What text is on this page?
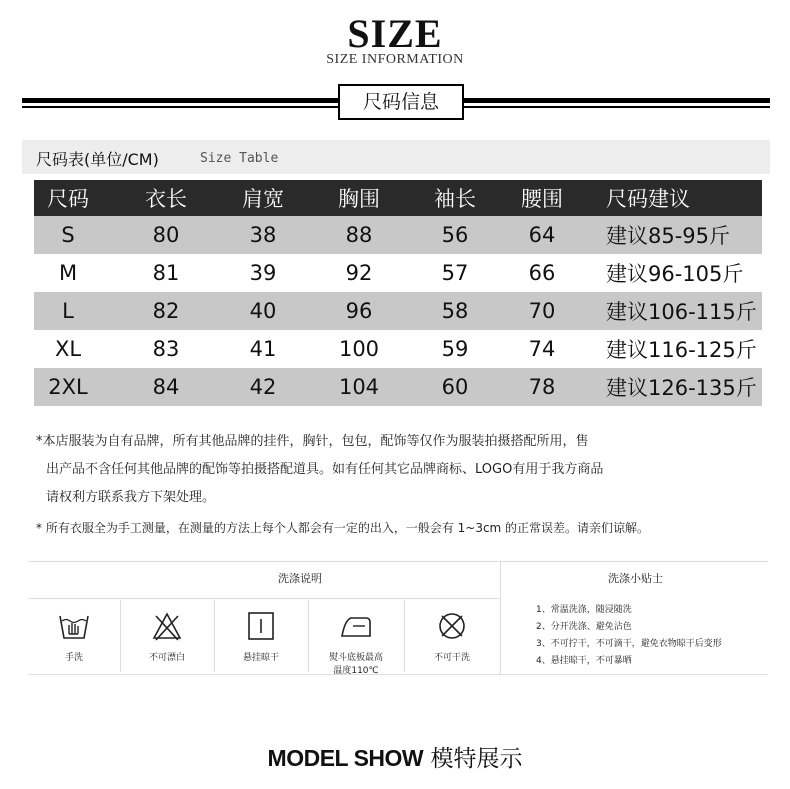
SIZE
SIZE INFORMATION
尺码信息
尺码表(单位/CM)	Size Table
尺码	衣长	肩宽	胸围	袖长	腰围	尺码建议
S	80	38	88	56	64	建议85-95斤
M	81	39	92	57	66	建议96-105斤
L	82	40	96	58	70	建议106-115斤
XL	83	41	100	59	74	建议116-125斤
2XL	84	42	104	60	78	建议126-135斤
*本店服装为自有品牌，所有其他品牌的挂件，胸针，包包，配饰等仅作为服装拍摄搭配所用，售
出产品不含任何其他品牌的配饰等拍摄搭配道具。如有任何其它品牌商标、LOGO有用于我方商品
请权利方联系我方下架处理。
* 所有衣服全为手工测量，在测量的方法上每个人都会有一定的出入，一般会有 1~3cm 的正常误差。请亲们谅解。
洗涤说明	洗涤小贴士
手洗	不可漂白	悬挂晾干	熨斗底板最高
温度110℃
不可干洗
1、常温洗涤，随浸随洗
2、分开洗涤、避免沾色
3、不可拧干，不可滴干，避免衣物晾干后变形
4、悬挂晾干，不可暴晒
MODEL SHOW 模特展示
